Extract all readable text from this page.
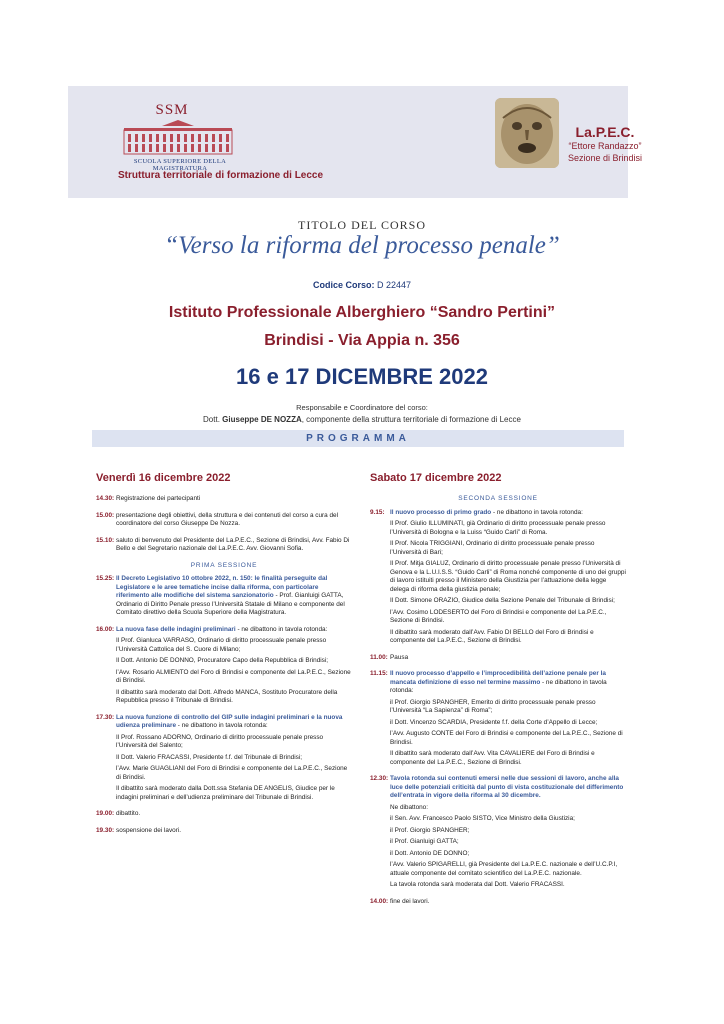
SSM
SCUOLA SUPERIORE DELLA MAGISTRATURA
Struttura territoriale di formazione di Lecce
La.P.E.C.
“Ettore Randazzo”
Sezione di Brindisi
TITOLO DEL CORSO
“Verso la riforma del processo penale”
Codice Corso: D 22447
Istituto Professionale Alberghiero “Sandro Pertini”
Brindisi - Via Appia n. 356
16 e 17 DICEMBRE 2022
Responsabile e Coordinatore del corso:
Dott. Giuseppe DE NOZZA, componente della struttura territoriale di formazione di Lecce
PROGRAMMA
Venerdì 16 dicembre 2022
14.30: Registrazione dei partecipanti

15.00: presentazione degli obiettivi, della struttura e dei contenuti del corso a cura del coordinatore del corso Giuseppe De Nozza.

15.10: saluto di benvenuto del Presidente del La.P.E.C., Sezione di Brindisi, Avv. Fabio Di Bello e del Segretario nazionale del La.P.E.C. Avv. Giovanni Sofia.

PRIMA SESSIONE
15.25: Il Decreto Legislativo 10 ottobre 2022, n. 150: le finalità perseguite dal Legislatore e le aree tematiche incise dalla riforma, con particolare riferimento alle modifiche del sistema sanzionatorio - Prof. Gianluigi GATTA, Ordinario di Diritto Penale presso l’Università Statale di Milano e componente del Comitato direttivo della Scuola Superiore della Magistratura.

16.00: La nuova fase delle indagini preliminari - ne dibattono in tavola rotonda:

Il Prof. Gianluca VARRASO, Ordinario di diritto processuale penale presso l’Università Cattolica del S. Cuore di Milano;

Il Dott. Antonio DE DONNO, Procuratore Capo della Repubblica di Brindisi;

l’Avv. Rosario ALMIENTO del Foro di Brindisi e componente del La.P.E.C., Sezione di Brindisi.

Il dibattito sarà moderato dal Dott. Alfredo MANCA, Sostituto Procuratore della Repubblica presso il Tribunale di Brindisi.

17.30: La nuova funzione di controllo del GIP sulle indagini preliminari e la nuova udienza preliminare - ne dibattono in tavola rotonda:

Il Prof. Rossano ADORNO, Ordinario di diritto processuale penale presso l’Università del Salento;

Il Dott. Valerio FRACASSI, Presidente f.f. del Tribunale di Brindisi;

l’Avv. Marie GUAGLIANI del Foro di Brindisi e componente del La.P.E.C., Sezione di Brindisi.

Il dibattito sarà moderato dalla Dott.ssa Stefania DE ANGELIS, Giudice per le indagini preliminari e dell’udienza preliminare del Tribunale di Brindisi.

19.00: dibattito.

19.30: sospensione dei lavori.

Sabato 17 dicembre 2022
SECONDA SESSIONE
9.15: Il nuovo processo di primo grado - ne dibattono in tavola rotonda:

Il Prof. Giulio ILLUMINATI, già Ordinario di diritto processuale penale presso l’Università di Bologna e la Luiss “Guido Carli” di Roma.

Il Prof. Nicola TRIGGIANI, Ordinario di diritto processuale penale presso l’Università di Bari;

Il Prof. Mitja GIALUZ, Ordinario di diritto processuale penale presso l’Università di Genova e la L.U.I.S.S. “Guido Carli” di Roma nonché componente di uno dei gruppi di lavoro istituiti presso il Ministero della Giustizia per l’attuazione della legge delega di riforma della giustizia penale;

Il Dott. Simone ORAZIO, Giudice della Sezione Penale del Tribunale di Brindisi;

l’Avv. Cosimo LODESERTO del Foro di Brindisi e componente del La.P.E.C., Sezione di Brindisi.

Il dibattito sarà moderato dall’Avv. Fabio DI BELLO del Foro di Brindisi e componente del La.P.E.C., Sezione di Brindisi.

11.00: Pausa

11.15: Il nuovo processo d’appello e l’improcedibilità dell’azione penale per la mancata definizione di esso nel termine massimo - ne dibattono in tavola rotonda:

il Prof. Giorgio SPANGHER, Emerito di diritto processuale penale presso l’Università “La Sapienza” di Roma”;

il Dott. Vincenzo SCARDIA, Presidente f.f. della Corte d’Appello di Lecce;

l’Avv. Augusto CONTE del Foro di Brindisi e componente del La.P.E.C., Sezione di Brindisi.

Il dibattito sarà moderato dall’Avv. Vita CAVALIERE del Foro di Brindisi e componente del La.P.E.C., Sezione di Brindisi.

12.30: Tavola rotonda sui contenuti emersi nelle due sessioni di lavoro, anche alla luce delle potenziali criticità dal punto di vista costituzionale del differimento dell’entrata in vigore della riforma al 30 dicembre.

Ne dibattono:

il Sen. Avv. Francesco Paolo SISTO, Vice Ministro della Giustizia;

il Prof. Giorgio SPANGHER;

il Prof. Gianluigi GATTA;

il Dott. Antonio DE DONNO;

l’Avv. Valerio SPIGARELLI, già Presidente del La.P.E.C. nazionale e dell’U.C.P.I, attuale componente del comitato scientifico del La.P.E.C. nazionale.

La tavola rotonda sarà moderata dal Dott. Valerio FRACASSI.

14.00: fine dei lavori.
